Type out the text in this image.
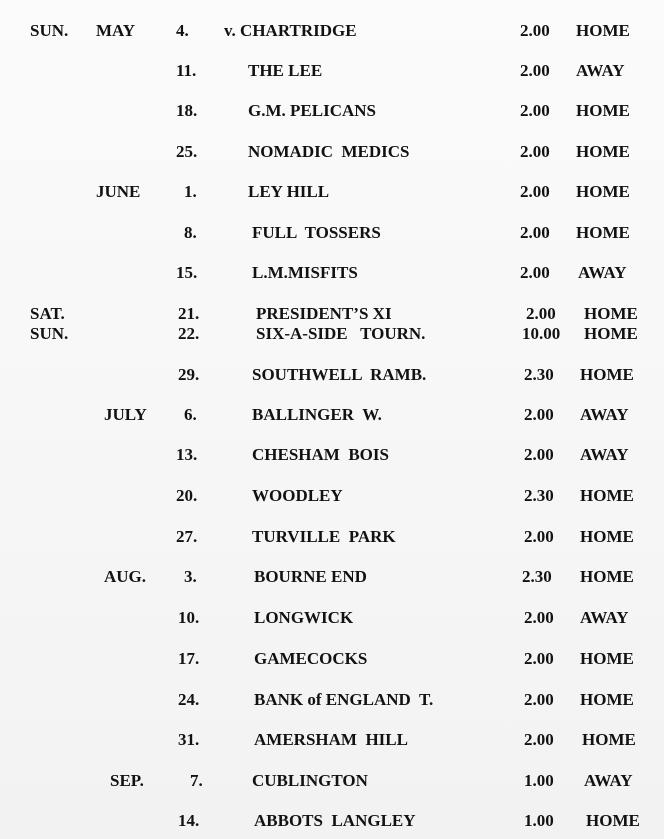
SUN. MAY 4. v. CHARTRIDGE	2.00 HOME
11.	THE LEE	2.00 AWAY
18.	G.M. PELICANS	2.00 HOME
25.	NOMADIC  MEDICS	2.00 HOME
JUNE	1.	LEY HILL	2.00 HOME
8.	FULL  TOSSERS	2.00 HOME
15.	L.M.MISFITS	2.00 AWAY
SAT.	21.	PRESIDENT’S XI	2.00 HOME
SUN.	22.	SIX-A-SIDE   TOURN.	10.00 HOME
29.	SOUTHWELL  RAMB.	2.30 HOME
JULY 6.	BALLINGER  W.	2.00 AWAY
13.	CHESHAM  BOIS	2.00 AWAY
20.	WOODLEY	2.30 HOME
27.	TURVILLE  PARK	2.00 HOME
AUG. 3.	BOURNE END	2.30 HOME
10.	LONGWICK	2.00 AWAY
17.	GAMECOCKS	2.00 HOME
24.	BANK of ENGLAND  T.	2.00 HOME
31.	AMERSHAM  HILL	2.00 HOME
SEP.	7.	CUBLINGTON	1.00 AWAY
14.	ABBOTS  LANGLEY	1.00 HOME
